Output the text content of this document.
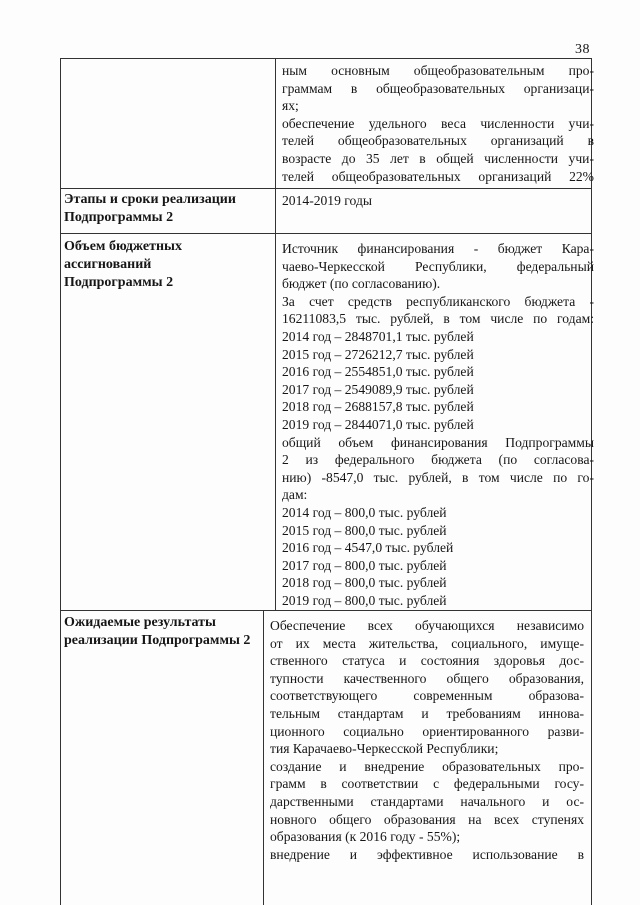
38
ным основным общеобразовательным про-
граммам в общеобразовательных организаци-
ях;
обеспечение удельного веса численности учи-
телей общеобразовательных организаций в
возрасте до 35 лет в общей численности учи-
телей общеобразовательных организаций 22%
Этапы и сроки реализации Подпрограммы 2
2014-2019 годы
Объем бюджетных ассигнований Подпрограммы 2
Источник финансирования - бюджет Кара-
чаево-Черкесской Республики, федеральный
бюджет (по согласованию).
За счет средств республиканского бюджета -
16211083,5 тыс. рублей, в том числе по годам:
2014 год – 2848701,1 тыс. рублей
2015 год – 2726212,7 тыс. рублей
2016 год – 2554851,0 тыс. рублей
2017 год – 2549089,9 тыс. рублей
2018 год – 2688157,8 тыс. рублей
2019 год – 2844071,0 тыс. рублей
общий объем финансирования Подпрограммы
2 из федерального бюджета (по согласова-
нию) -8547,0 тыс. рублей, в том числе по го-
дам:
2014 год – 800,0 тыс. рублей
2015 год – 800,0 тыс. рублей
2016 год – 4547,0 тыс. рублей
2017 год – 800,0 тыс. рублей
2018 год – 800,0 тыс. рублей
2019 год – 800,0 тыс. рублей
Ожидаемые результаты реализации Подпрограммы 2
Обеспечение всех обучающихся независимо
от их места жительства, социального, имуще-
ственного статуса и состояния здоровья дос-
тупности качественного общего образования,
соответствующего современным образова-
тельным стандартам и требованиям иннова-
ционного социально ориентированного разви-
тия Карачаево-Черкесской Республики;
создание и внедрение образовательных про-
грамм в соответствии с федеральными госу-
дарственными стандартами начального и ос-
новного общего образования на всех ступенях
образования (к 2016 году - 55%);
внедрение и эффективное использование в
